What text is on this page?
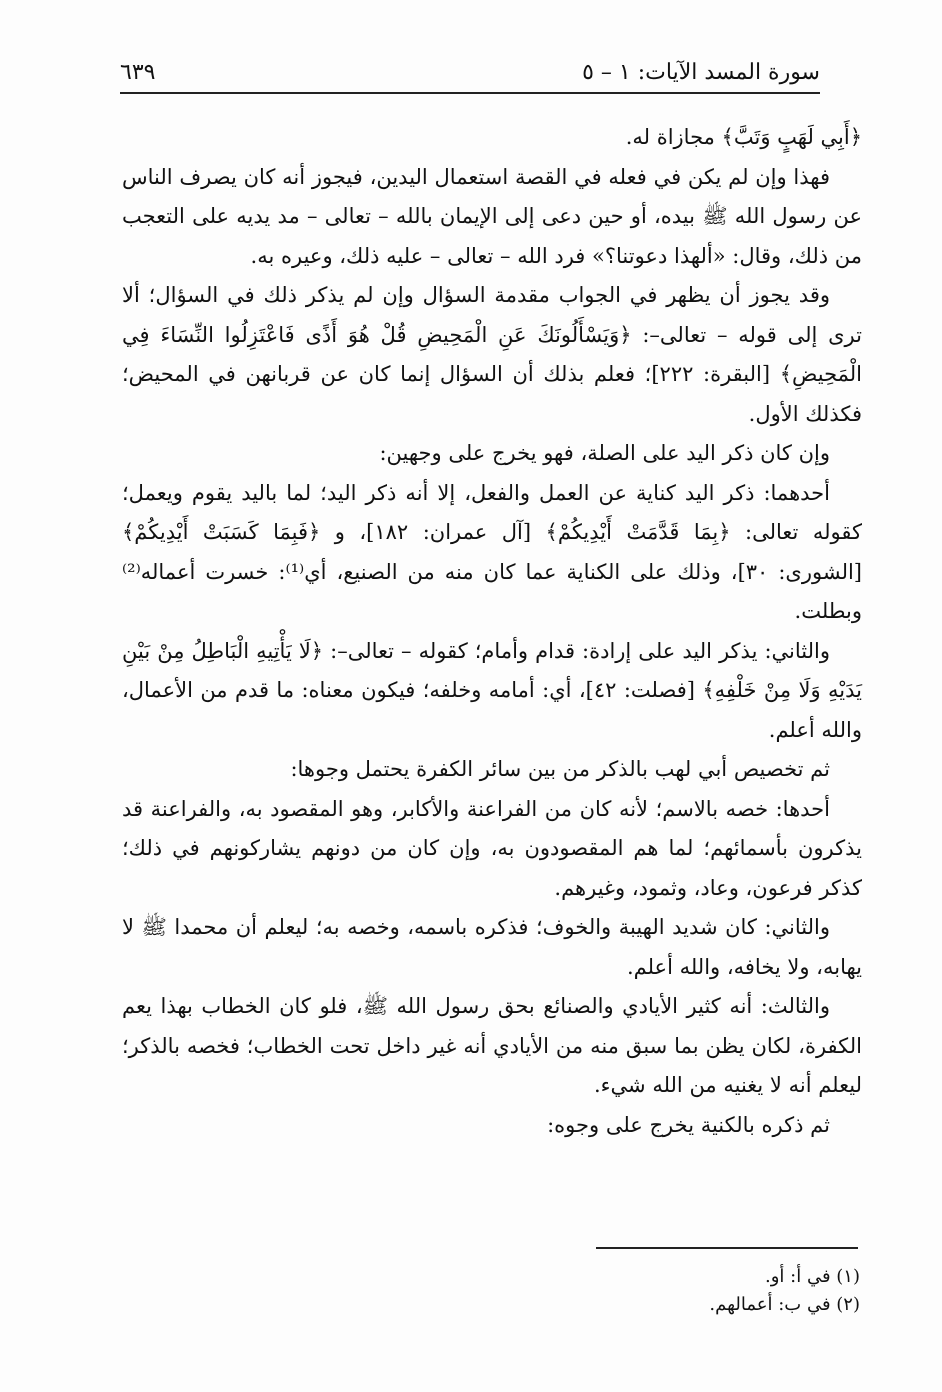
سورة المسد الآيات: ١ – ٥
٦٣٩

﴿أَبِي لَهَبٍ وَتَبَّ﴾ مجازاة له.

فهذا وإن لم يكن في فعله في القصة استعمال اليدين، فيجوز أنه كان يصرف الناس عن رسول الله ﷺ بيده، أو حين دعى إلى الإيمان بالله – تعالى – مد يديه على التعجب من ذلك، وقال: «ألهذا دعوتنا؟» فرد الله – تعالى – عليه ذلك، وعيره به.

وقد يجوز أن يظهر في الجواب مقدمة السؤال وإن لم يذكر ذلك في السؤال؛ ألا ترى إلى قوله – تعالى–: ﴿وَيَسْأَلُونَكَ عَنِ الْمَحِيضِ قُلْ هُوَ أَذًى فَاعْتَزِلُوا النِّسَاءَ فِي الْمَحِيضِ﴾ [البقرة: ٢٢٢]؛ فعلم بذلك أن السؤال إنما كان عن قربانهن في المحيض؛ فكذلك الأول.

وإن كان ذكر اليد على الصلة، فهو يخرج على وجهين:

أحدهما: ذكر اليد كناية عن العمل والفعل، إلا أنه ذكر اليد؛ لما باليد يقوم ويعمل؛ كقوله تعالى: ﴿بِمَا قَدَّمَتْ أَيْدِيكُمْ﴾ [آل عمران: ١٨٢]، و ﴿فَبِمَا كَسَبَتْ أَيْدِيكُمْ﴾ [الشورى: ٣٠]، وذلك على الكناية عما كان منه من الصنيع، أي⁽¹⁾: خسرت أعماله⁽²⁾ وبطلت.

والثاني: يذكر اليد على إرادة: قدام وأمام؛ كقوله – تعالى–: ﴿لَا يَأْتِيهِ الْبَاطِلُ مِنْ بَيْنِ يَدَيْهِ وَلَا مِنْ خَلْفِهِ﴾ [فصلت: ٤٢]، أي: أمامه وخلفه؛ فيكون معناه: ما قدم من الأعمال، والله أعلم.

ثم تخصيص أبي لهب بالذكر من بين سائر الكفرة يحتمل وجوها:

أحدها: خصه بالاسم؛ لأنه كان من الفراعنة والأكابر، وهو المقصود به، والفراعنة قد يذكرون بأسمائهم؛ لما هم المقصودون به، وإن كان من دونهم يشاركونهم في ذلك؛ كذكر فرعون، وعاد، وثمود، وغيرهم.

والثاني: كان شديد الهيبة والخوف؛ فذكره باسمه، وخصه به؛ ليعلم أن محمدا ﷺ لا يهابه، ولا يخافه، والله أعلم.

والثالث: أنه كثير الأيادي والصنائع بحق رسول الله ﷺ، فلو كان الخطاب بهذا يعم الكفرة، لكان يظن بما سبق منه من الأيادي أنه غير داخل تحت الخطاب؛ فخصه بالذكر؛ ليعلم أنه لا يغنيه من الله شيء.

ثم ذكره بالكنية يخرج على وجوه:

(١) في أ: أو.
(٢) في ب: أعمالهم.
